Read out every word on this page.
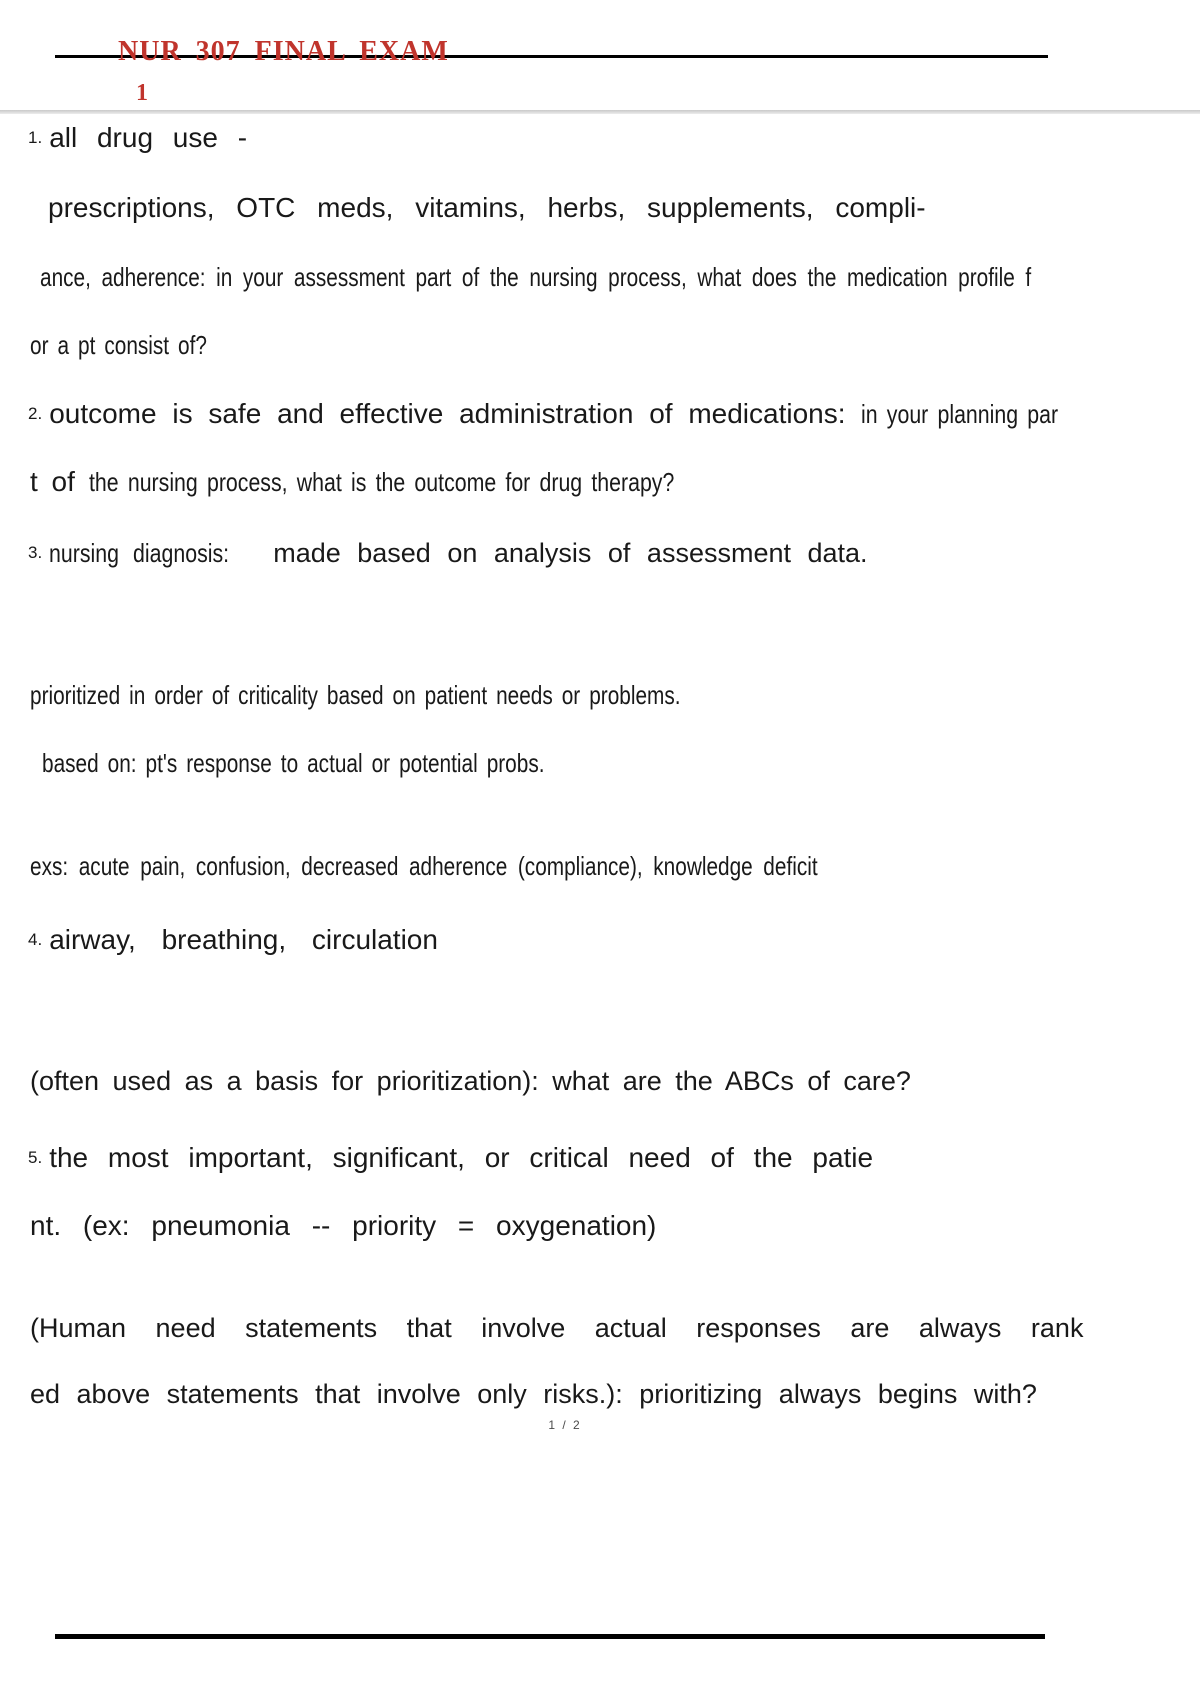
NUR 307 FINAL EXAM
1
1. all drug use -
prescriptions, OTC meds, vitamins, herbs, supplements, compli-
ance, adherence: in your assessment part of the nursing process, what does the medication profile f
or a pt consist of?
2. outcome is safe and effective administration of medications: in your planning par
t of the nursing process, what is the outcome for drug therapy?
3. nursing diagnosis: made based on analysis of assessment data.
prioritized in order of criticality based on patient needs or problems.
based on: pt's response to actual or potential probs.
exs: acute pain, confusion, decreased adherence (compliance), knowledge deficit
4. airway, breathing, circulation
(often used as a basis for prioritization): what are the ABCs of care?
5. the most important, significant, or critical need of the patie
nt. (ex: pneumonia -- priority = oxygenation)
(Human need statements that involve actual responses are always rank
ed above statements that involve only risks.): prioritizing always begins with?
1 / 2
